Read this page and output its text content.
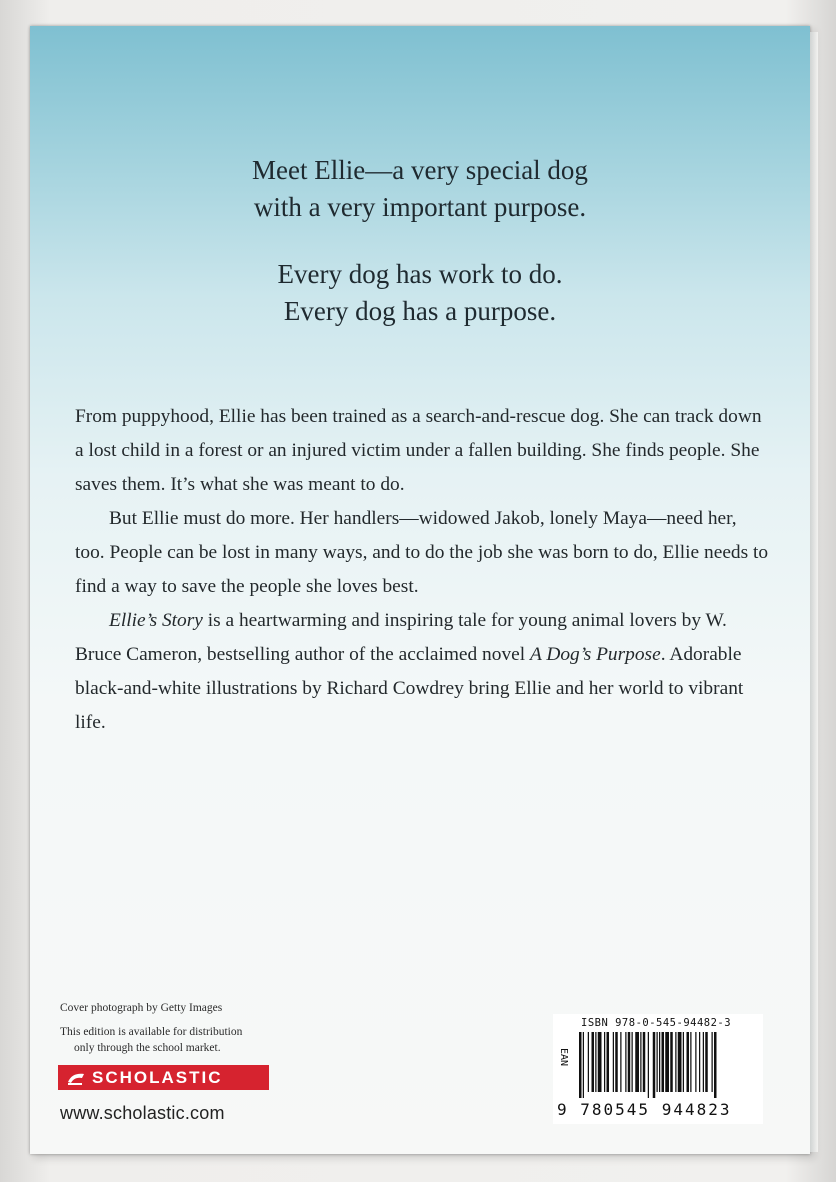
Meet Ellie—a very special dog
with a very important purpose.
Every dog has work to do.
Every dog has a purpose.

From puppyhood, Ellie has been trained as a search-and-rescue dog. She can track down a lost child in a forest or an injured victim under a fallen building. She finds people. She saves them. It’s what she was meant to do.

But Ellie must do more. Her handlers—widowed Jakob, lonely Maya—need her, too. People can be lost in many ways, and to do the job she was born to do, Ellie needs to find a way to save the people she loves best.

Ellie’s Story is a heartwarming and inspiring tale for young animal lovers by W. Bruce Cameron, bestselling author of the acclaimed novel A Dog’s Purpose. Adorable black-and-white illustrations by Richard Cowdrey bring Ellie and her world to vibrant life.

Cover photograph by Getty Images
This edition is available for distribution
only through the school market.
SCHOLASTIC
www.scholastic.com
ISBN 978-0-545-94482-3
EAN
9 780545 944823
